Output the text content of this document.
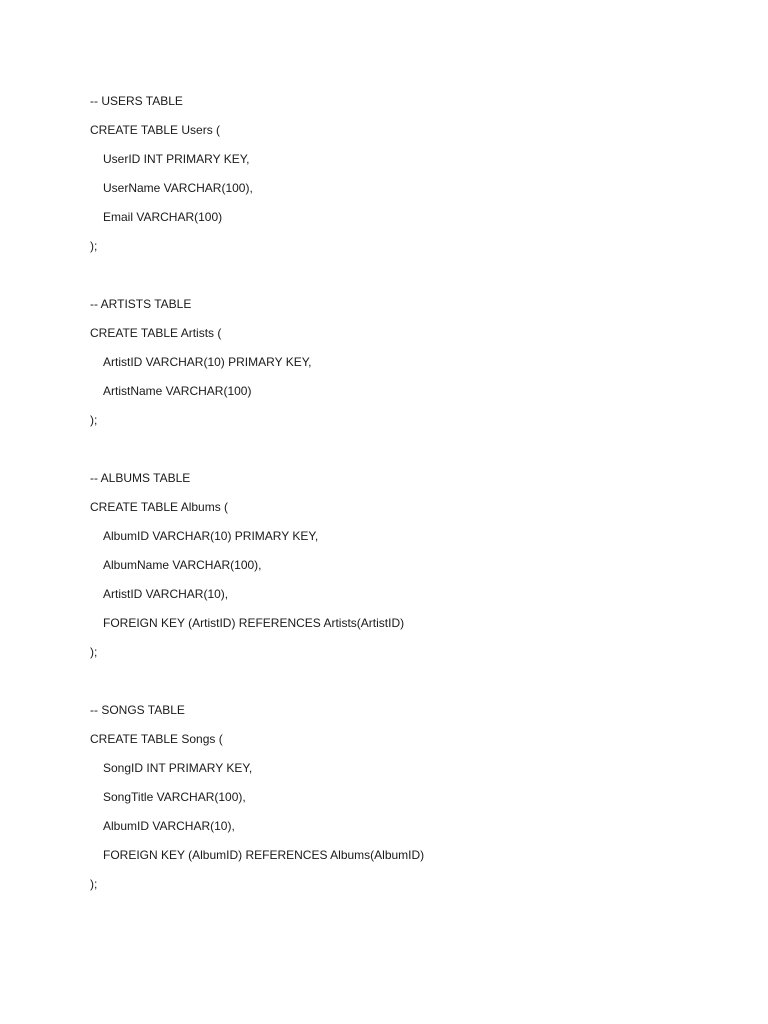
-- USERS TABLE
CREATE TABLE Users (
UserID INT PRIMARY KEY,
UserName VARCHAR(100),
Email VARCHAR(100)
);
-- ARTISTS TABLE
CREATE TABLE Artists (
ArtistID VARCHAR(10) PRIMARY KEY,
ArtistName VARCHAR(100)
);
-- ALBUMS TABLE
CREATE TABLE Albums (
AlbumID VARCHAR(10) PRIMARY KEY,
AlbumName VARCHAR(100),
ArtistID VARCHAR(10),
FOREIGN KEY (ArtistID) REFERENCES Artists(ArtistID)
);
-- SONGS TABLE
CREATE TABLE Songs (
SongID INT PRIMARY KEY,
SongTitle VARCHAR(100),
AlbumID VARCHAR(10),
FOREIGN KEY (AlbumID) REFERENCES Albums(AlbumID)
);
